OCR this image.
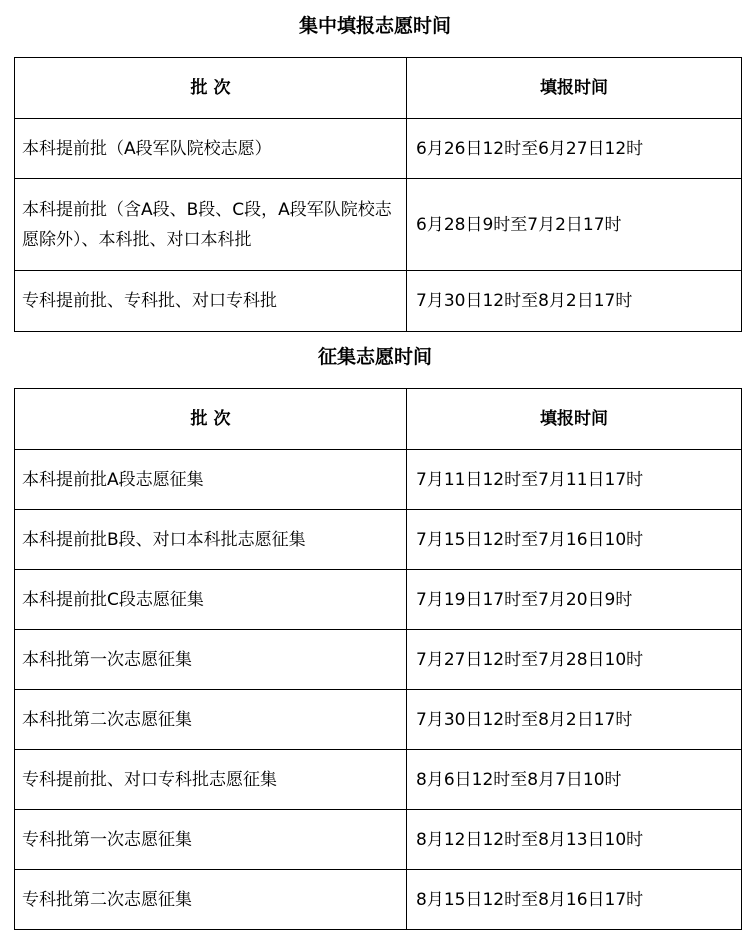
集中填报志愿时间
批 次	填报时间
本科提前批（A段军队院校志愿）	6月26日12时至6月27日12时
本科提前批（含A段、B段、C段，A段军队院校志愿除外）、本科批、对口本科批	6月28日9时至7月2日17时
专科提前批、专科批、对口专科批	7月30日12时至8月2日17时
征集志愿时间
批 次	填报时间
本科提前批A段志愿征集	7月11日12时至7月11日17时
本科提前批B段、对口本科批志愿征集	7月15日12时至7月16日10时
本科提前批C段志愿征集	7月19日17时至7月20日9时
本科批第一次志愿征集	7月27日12时至7月28日10时
本科批第二次志愿征集	7月30日12时至8月2日17时
专科提前批、对口专科批志愿征集	8月6日12时至8月7日10时
专科批第一次志愿征集	8月12日12时至8月13日10时
专科批第二次志愿征集	8月15日12时至8月16日17时
